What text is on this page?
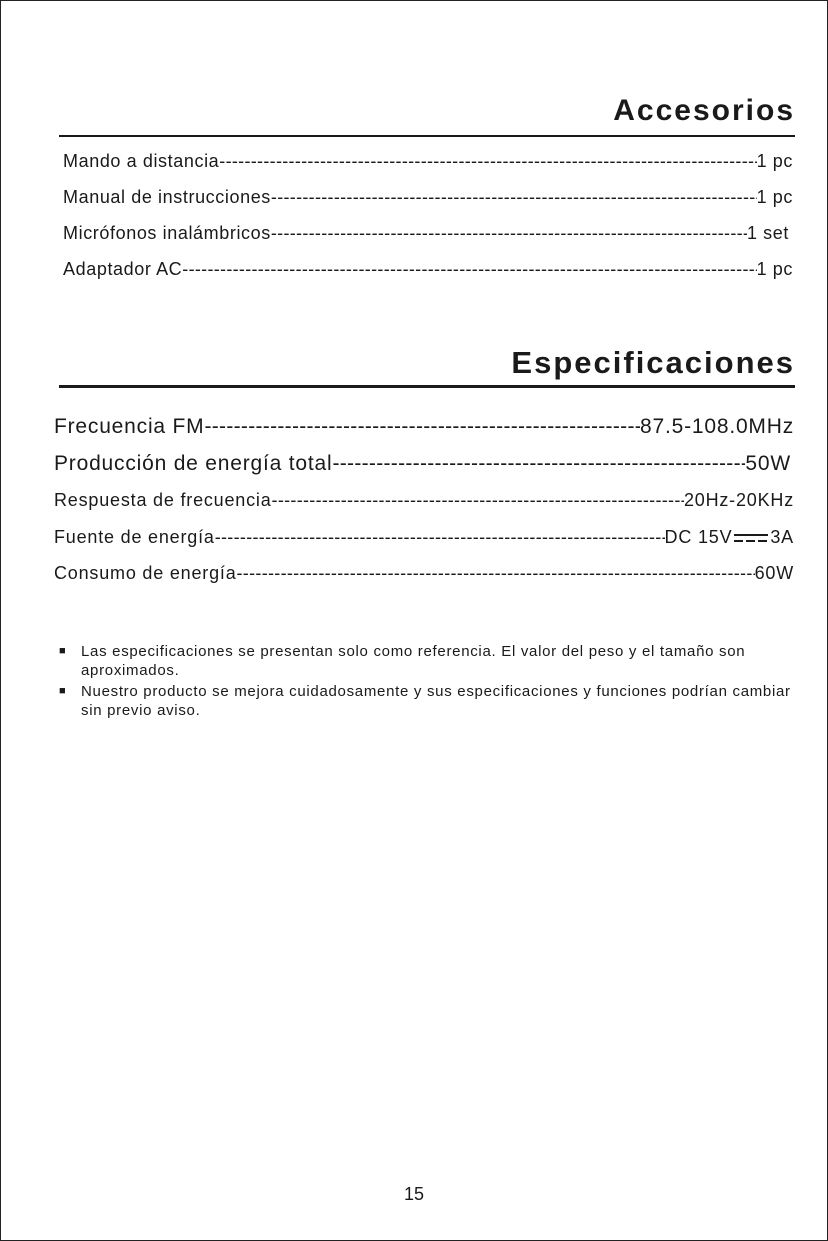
Accesorios
Mando a distancia -----	1 pc
Manual de instrucciones -----	1 pc
Micrófonos inalámbricos -----	1 set
Adaptador AC -----	1 pc
Especificaciones
Frecuencia FM -----	87.5-108.0MHz
Producción de energía total -----	50W
Respuesta de frecuencia -----	20Hz-20KHz
Fuente de energía -----	DC 15V 3A
Consumo de energía -----	60W
■ Las especificaciones se presentan solo como referencia. El valor del peso y el tamaño son aproximados.
■ Nuestro producto se mejora cuidadosamente y sus especificaciones y funciones podrían cambiar sin previo aviso.
15
